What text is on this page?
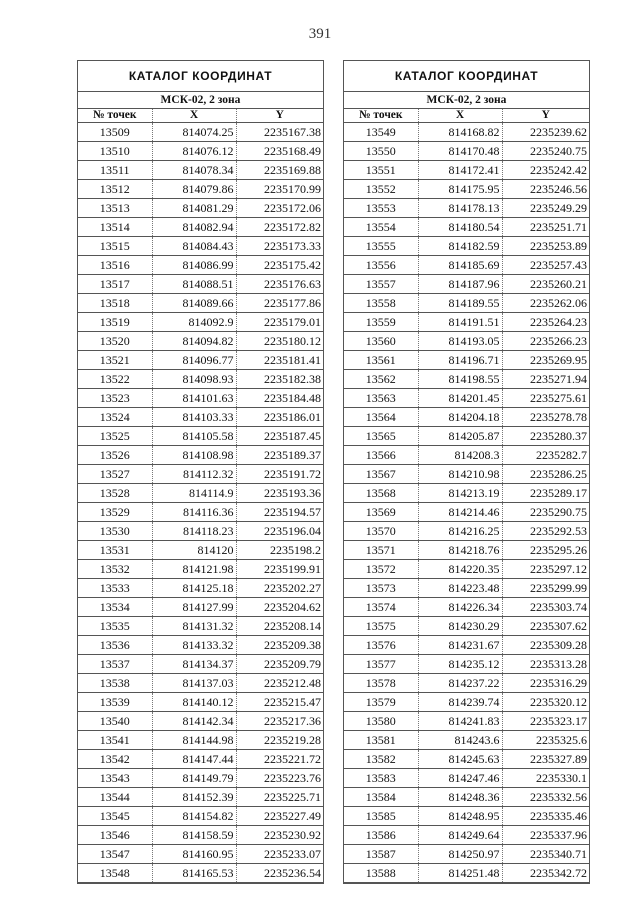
391
КАТАЛОГ КООРДИНАТ
МСК-02, 2 зона
№ точек	X	Y
13509	814074.25	2235167.38
13510	814076.12	2235168.49
13511	814078.34	2235169.88
13512	814079.86	2235170.99
13513	814081.29	2235172.06
13514	814082.94	2235172.82
13515	814084.43	2235173.33
13516	814086.99	2235175.42
13517	814088.51	2235176.63
13518	814089.66	2235177.86
13519	814092.9	2235179.01
13520	814094.82	2235180.12
13521	814096.77	2235181.41
13522	814098.93	2235182.38
13523	814101.63	2235184.48
13524	814103.33	2235186.01
13525	814105.58	2235187.45
13526	814108.98	2235189.37
13527	814112.32	2235191.72
13528	814114.9	2235193.36
13529	814116.36	2235194.57
13530	814118.23	2235196.04
13531	814120	2235198.2
13532	814121.98	2235199.91
13533	814125.18	2235202.27
13534	814127.99	2235204.62
13535	814131.32	2235208.14
13536	814133.32	2235209.38
13537	814134.37	2235209.79
13538	814137.03	2235212.48
13539	814140.12	2235215.47
13540	814142.34	2235217.36
13541	814144.98	2235219.28
13542	814147.44	2235221.72
13543	814149.79	2235223.76
13544	814152.39	2235225.71
13545	814154.82	2235227.49
13546	814158.59	2235230.92
13547	814160.95	2235233.07
13548	814165.53	2235236.54
КАТАЛОГ КООРДИНАТ
МСК-02, 2 зона
№ точек	X	Y
13549	814168.82	2235239.62
13550	814170.48	2235240.75
13551	814172.41	2235242.42
13552	814175.95	2235246.56
13553	814178.13	2235249.29
13554	814180.54	2235251.71
13555	814182.59	2235253.89
13556	814185.69	2235257.43
13557	814187.96	2235260.21
13558	814189.55	2235262.06
13559	814191.51	2235264.23
13560	814193.05	2235266.23
13561	814196.71	2235269.95
13562	814198.55	2235271.94
13563	814201.45	2235275.61
13564	814204.18	2235278.78
13565	814205.87	2235280.37
13566	814208.3	2235282.7
13567	814210.98	2235286.25
13568	814213.19	2235289.17
13569	814214.46	2235290.75
13570	814216.25	2235292.53
13571	814218.76	2235295.26
13572	814220.35	2235297.12
13573	814223.48	2235299.99
13574	814226.34	2235303.74
13575	814230.29	2235307.62
13576	814231.67	2235309.28
13577	814235.12	2235313.28
13578	814237.22	2235316.29
13579	814239.74	2235320.12
13580	814241.83	2235323.17
13581	814243.6	2235325.6
13582	814245.63	2235327.89
13583	814247.46	2235330.1
13584	814248.36	2235332.56
13585	814248.95	2235335.46
13586	814249.64	2235337.96
13587	814250.97	2235340.71
13588	814251.48	2235342.72
